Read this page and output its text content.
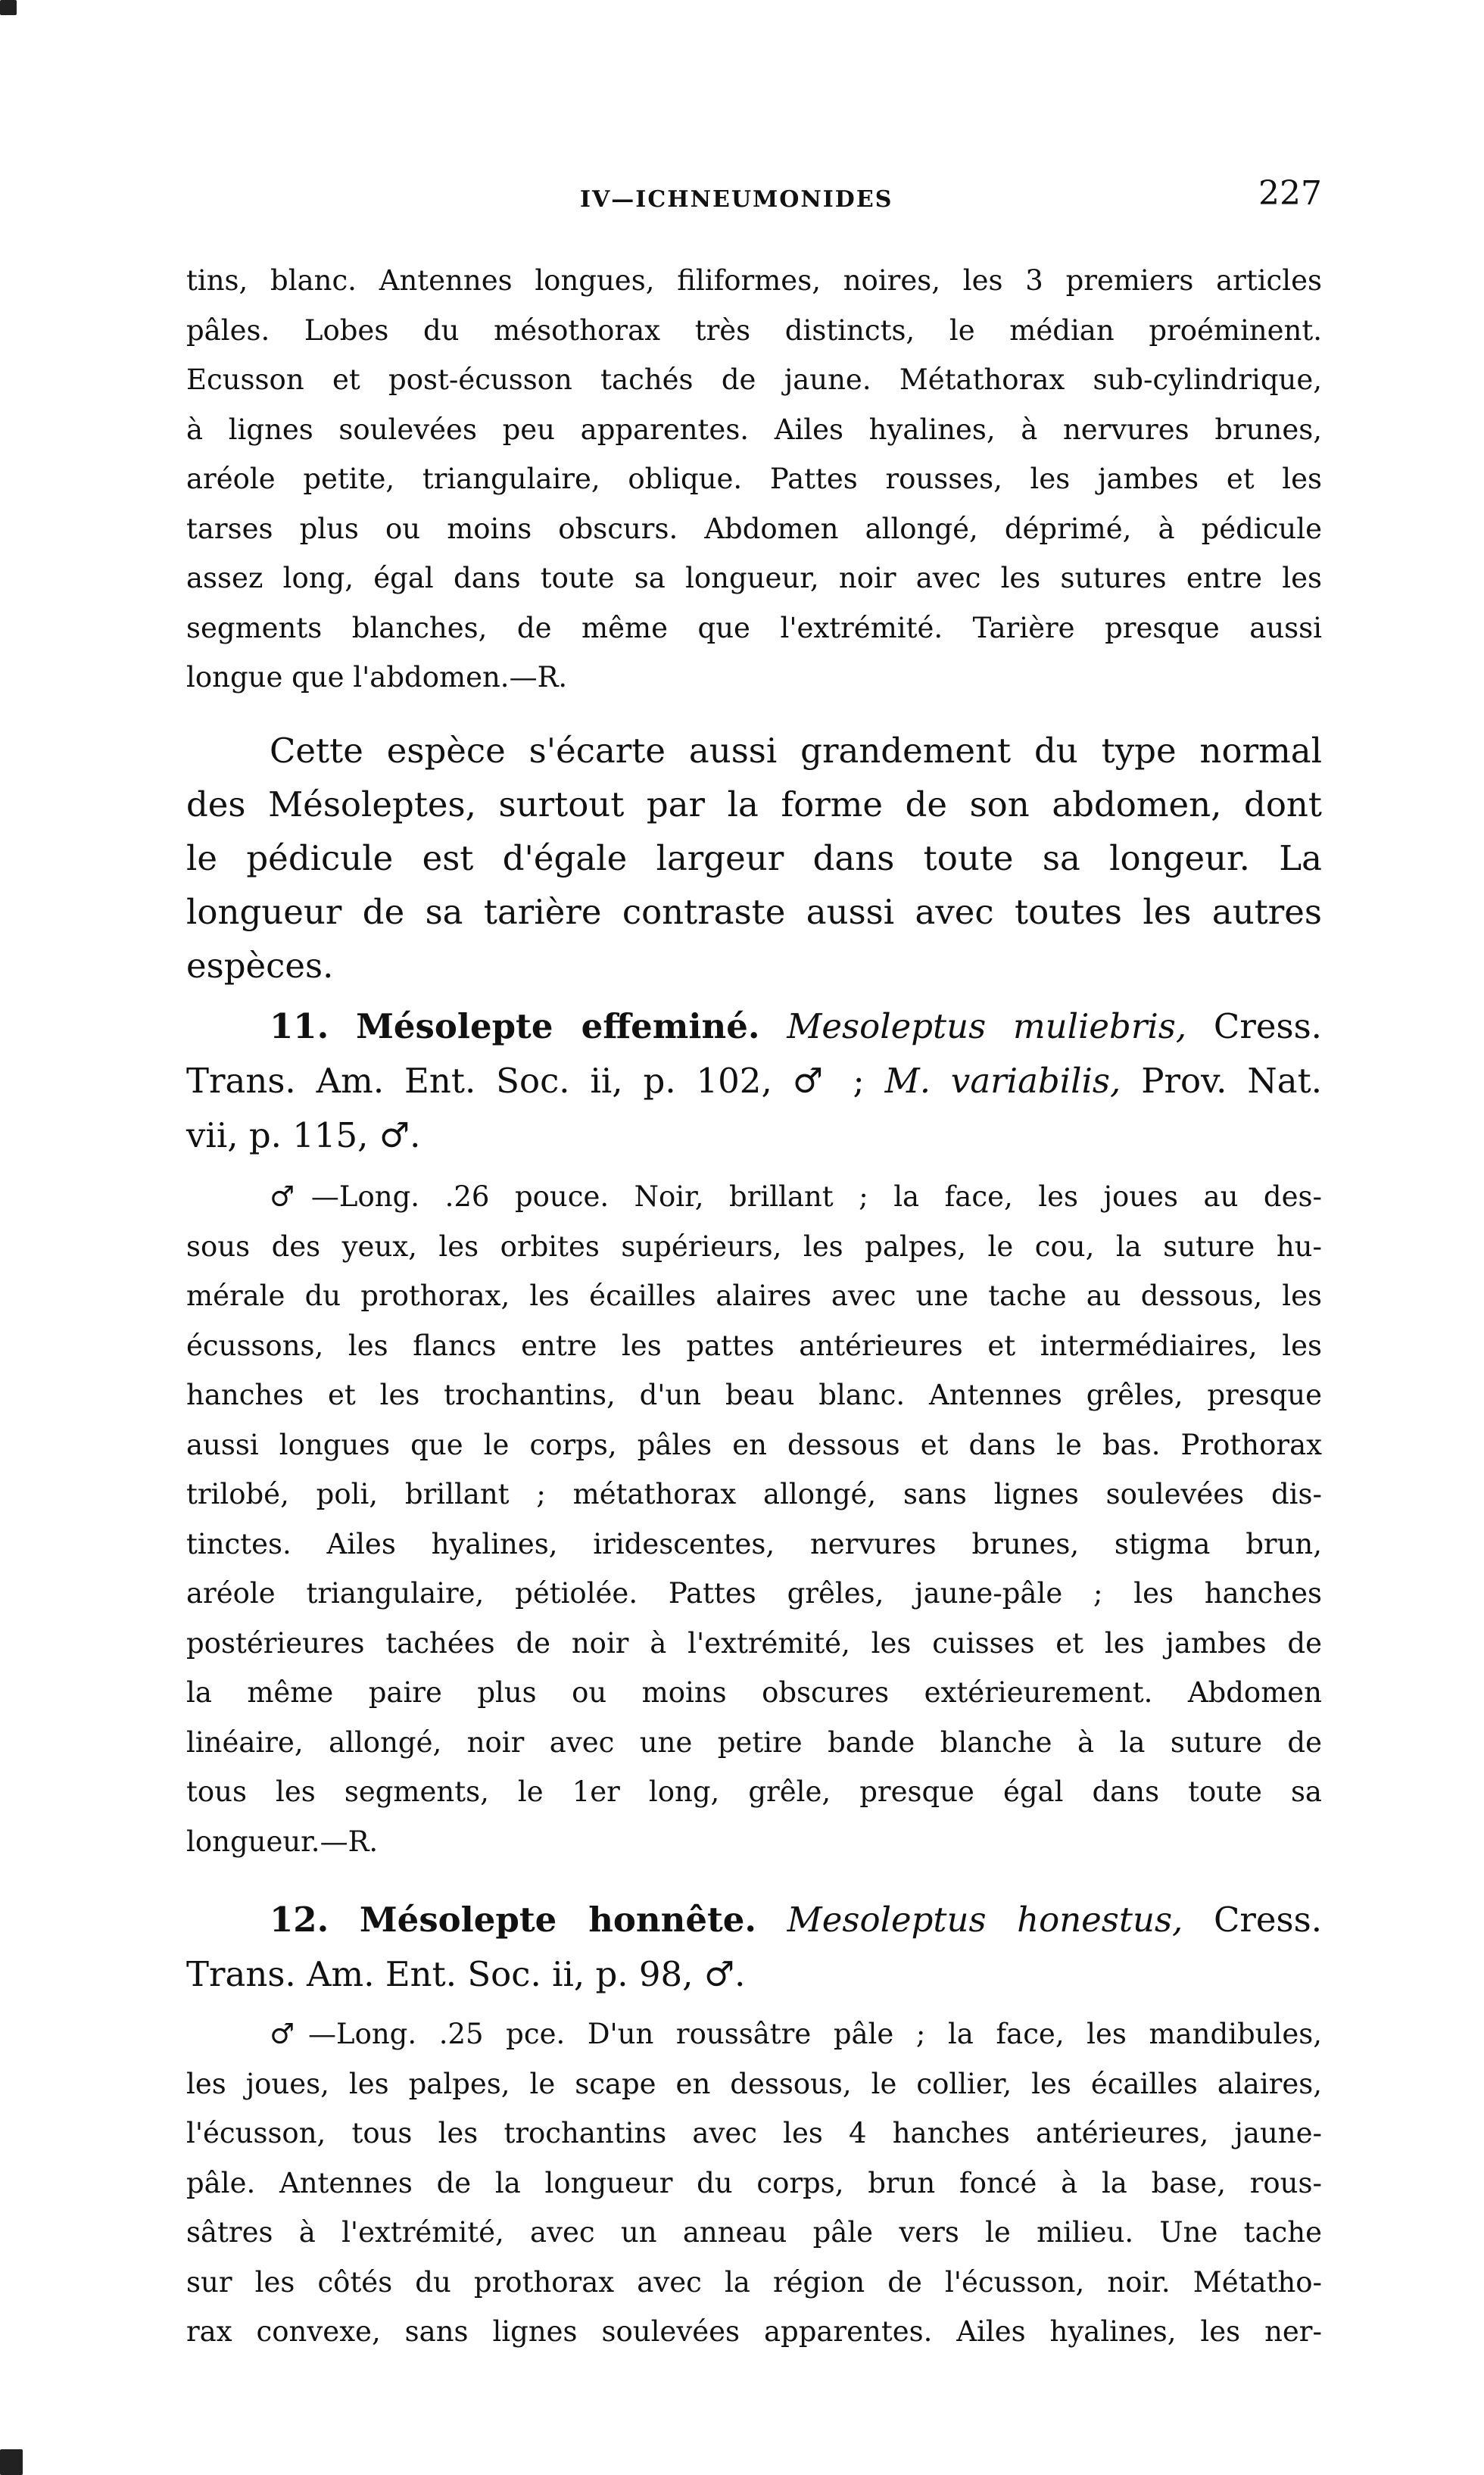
IV—ICHNEUMONIDES	227
tins, blanc. Antennes longues, filiformes, noires, les 3 premiers articles
pâles. Lobes du mésothorax très distincts, le médian proéminent.
Ecusson et post-écusson tachés de jaune. Métathorax sub-cylindrique,
à lignes soulevées peu apparentes. Ailes hyalines, à nervures brunes,
aréole petite, triangulaire, oblique. Pattes rousses, les jambes et les
tarses plus ou moins obscurs. Abdomen allongé, déprimé, à pédicule
assez long, égal dans toute sa longueur, noir avec les sutures entre les
segments blanches, de même que l'extrémité. Tarière presque aussi
longue que l'abdomen.—R.
Cette espèce s'écarte aussi grandement du type normal
des Mésoleptes, surtout par la forme de son abdomen, dont
le pédicule est d'égale largeur dans toute sa longeur. La
longueur de sa tarière contraste aussi avec toutes les autres
espèces.
11. Mésolepte effeminé. Mesoleptus muliebris, Cress.
Trans. Am. Ent. Soc. ii, p. 102, ♂ ; M. variabilis, Prov. Nat.
vii, p. 115, ♂.
♂—Long. .26 pouce. Noir, brillant ; la face, les joues au des-
sous des yeux, les orbites supérieurs, les palpes, le cou, la suture hu-
mérale du prothorax, les écailles alaires avec une tache au dessous, les
écussons, les flancs entre les pattes antérieures et intermédiaires, les
hanches et les trochantins, d'un beau blanc. Antennes grêles, presque
aussi longues que le corps, pâles en dessous et dans le bas. Prothorax
trilobé, poli, brillant ; métathorax allongé, sans lignes soulevées dis-
tinctes. Ailes hyalines, iridescentes, nervures brunes, stigma brun,
aréole triangulaire, pétiolée. Pattes grêles, jaune-pâle ; les hanches
postérieures tachées de noir à l'extrémité, les cuisses et les jambes de
la même paire plus ou moins obscures extérieurement. Abdomen
linéaire, allongé, noir avec une petire bande blanche à la suture de
tous les segments, le 1er long, grêle, presque égal dans toute sa
longueur.—R.
12. Mésolepte honnête. Mesoleptus honestus, Cress.
Trans. Am. Ent. Soc. ii, p. 98, ♂.
♂—Long. .25 pce. D'un roussâtre pâle ; la face, les mandibules,
les joues, les palpes, le scape en dessous, le collier, les écailles alaires,
l'écusson, tous les trochantins avec les 4 hanches antérieures, jaune-
pâle. Antennes de la longueur du corps, brun foncé à la base, rous-
sâtres à l'extrémité, avec un anneau pâle vers le milieu. Une tache
sur les côtés du prothorax avec la région de l'écusson, noir. Métatho-
rax convexe, sans lignes soulevées apparentes. Ailes hyalines, les ner-
